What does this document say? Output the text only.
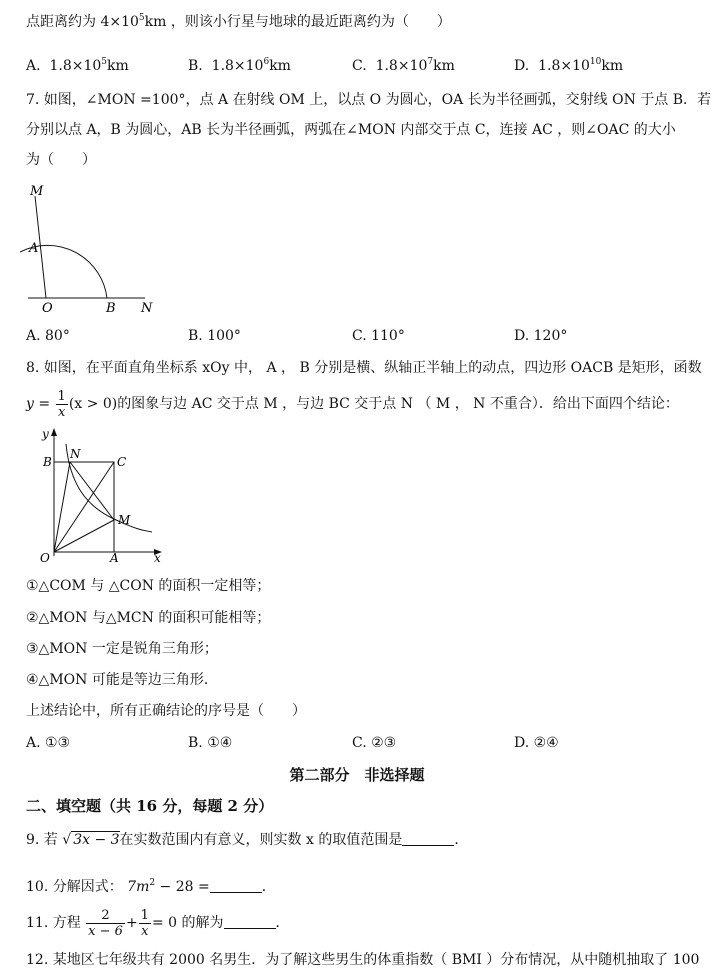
点距离约为 $4\times 10^5km$ ，则该小行星与地球的最近距离约为（　　）
A. $1.8\times 10^5km$	B. $1.8\times 10^6km$	C. $1.8\times 10^7km$	D. $1.8\times 10^{10}km$
7. 如图，∠MON =100°，点 A 在射线 OM 上，以点 O 为圆心，OA 长为半径画弧，交射线 ON 于点 B．若
分别以点 A，B 为圆心，AB 长为半径画弧，两弧在∠MON 内部交于点 C，连接 AC ，则∠OAC 的大小
为（　　）
M
A
O	B N
A. 80°	B. 100°	C. 110°	D. 120°
8. 如图，在平面直角坐标系 xOy 中， A ， B 分别是横、纵轴正半轴上的动点，四边形 OACB 是矩形，函数
$y = \frac{1}{x} (x > 0)$的图象与边 AC 交于点 M ，与边 BC 交于点 N （ M ， N 不重合）．给出下面四个结论：
y
B
N
C
M
O	A	x
①△COM 与 △CON 的面积一定相等；
②△MON 与△MCN 的面积可能相等；
③△MON 一定是锐角三角形；
④△MON 可能是等边三角形．
上述结论中，所有正确结论的序号是（　　）
A. ①③	B. ①④	C. ②③	D. ②④
第二部分　非选择题
二、填空题（共 16 分，每题 2 分）
9. 若 √ 3x − 3在实数范围内有意义，则实数 x 的取值范围是	．
10. 分解因式： $7m^2 - 28$ =	．
11. 方程 $\frac{2}{x - 6} + \frac{1}{x} = 0$ 的解为	．
12. 某地区七年级共有 2000 名男生．为了解这些男生的体重指数（ BMI ）分布情况，从中随机抽取了 100
